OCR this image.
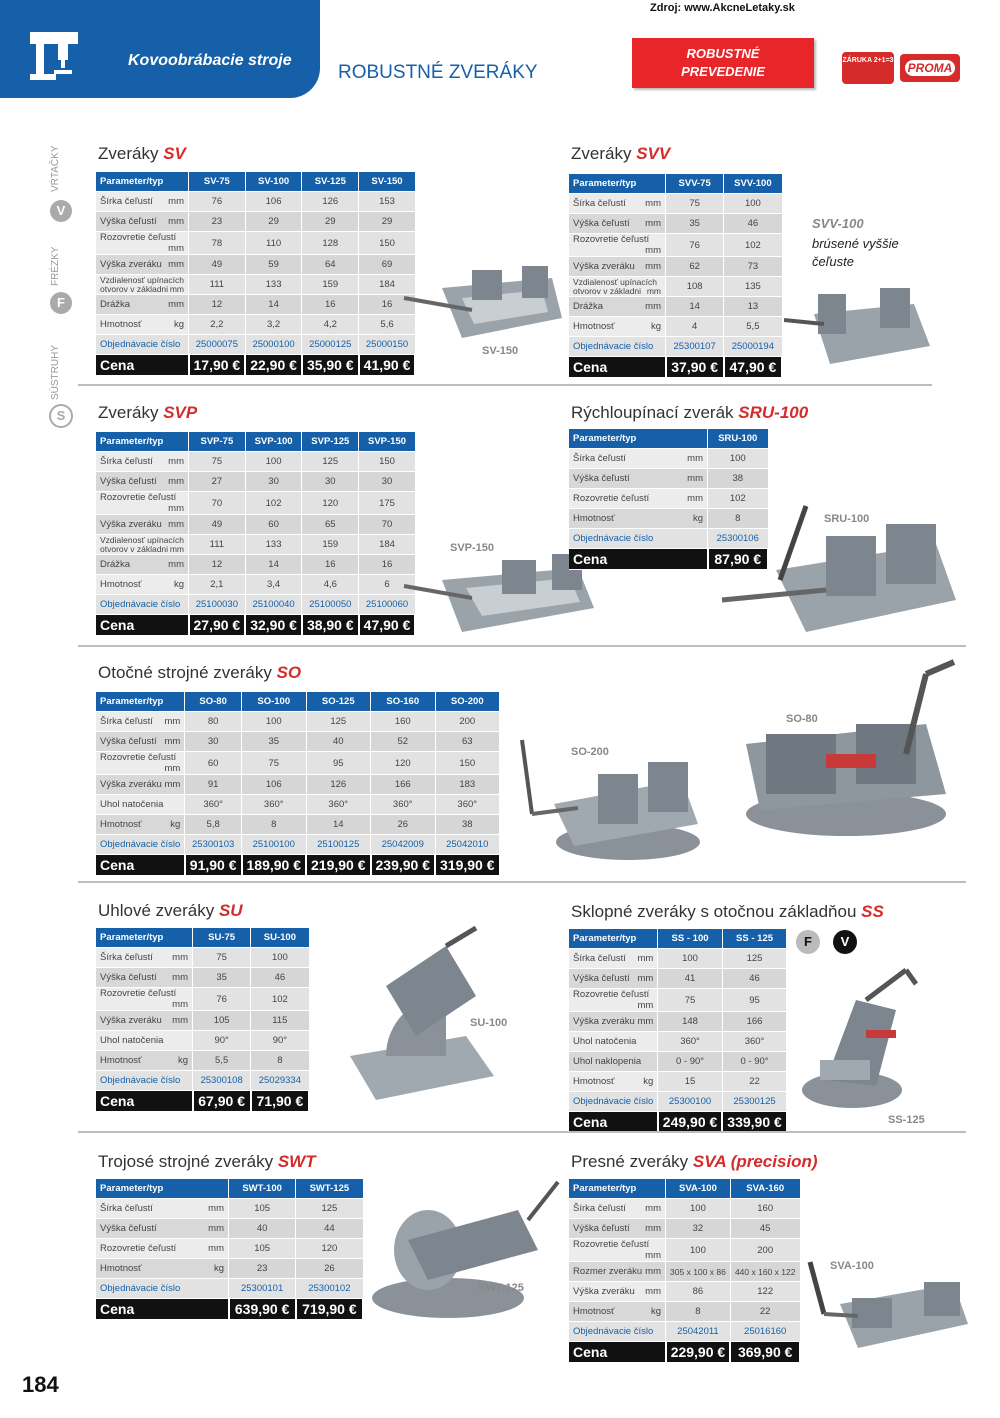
Kovoobrábacie stroje
ROBUSTNÉ ZVERÁKY
Zdroj: www.AkcneLetaky.sk
ROBUSTNÉ PREVEDENIE
ZÁRUKA 2+1=3
PROMA
VŔTAČKY
V
FRÉZKY
F
SÚSTRUHY
S
Zveráky SV
Parameter/typ	SV-75	SV-100	SV-125	SV-150
Šírka čeľustí mm	76	106	126	153
Výška čeľustí mm	23	29	29	29
Rozovretie čeľustí
mm	78	110	128	150
Výška zveráku mm	49	59	64	69
Vzdialenosť upínacích
otvorov v základni mm	111	133	159	184
Drážka mm	12	14	16	16
Hmotnosť kg	2,2	3,2	4,2	5,6
Objednávacie číslo	25000075	25000100	25000125	25000150
Cena	17,90 €	22,90 €	35,90 €	41,90 €
SV-150
Zveráky SVV
Parameter/typ	SVV-75	SVV-100
Šírka čeľustí mm	75	100
Výška čeľustí mm	35	46
Rozovretie čeľustí
mm	76	102
Výška zveráku mm	62	73
Vzdialenosť upínacích
otvorov v základni mm	108	135
Drážka mm	14	13
Hmotnosť kg	4	5,5
Objednávacie číslo	25300107	25000194
Cena	37,90 €	47,90 €
SVV-100
brúsené vyššie
čeľuste
Zveráky SVP
Parameter/typ	SVP-75	SVP-100	SVP-125	SVP-150
Šírka čeľustí mm	75	100	125	150
Výška čeľustí mm	27	30	30	30
Rozovretie čeľustí
mm	70	102	120	175
Výška zveráku mm	49	60	65	70
Vzdialenosť upínacích
otvorov v základni mm	111	133	159	184
Drážka mm	12	14	16	16
Hmotnosť kg	2,1	3,4	4,6	6
Objednávacie číslo	25100030	25100040	25100050	25100060
Cena	27,90 €	32,90 €	38,90 €	47,90 €
SVP-150
Rýchloupínací zverák SRU-100
Parameter/typ	SRU-100
Šírka čeľustí mm	100
Výška čeľustí mm	38
Rozovretie čeľustí mm	102
Hmotnosť kg	8
Objednávacie číslo	25300106
Cena	87,90 €
SRU-100
Otočné strojné zveráky SO
Parameter/typ	SO-80	SO-100	SO-125	SO-160	SO-200
Šírka čeľustí mm	80	100	125	160	200
Výška čeľustí mm	30	35	40	52	63
Rozovretie čeľustí
mm	60	75	95	120	150
Výška zveráku mm	91	106	126	166	183
Uhol natočenia	360°	360°	360°	360°	360°
Hmotnosť kg	5,8	8	14	26	38
Objednávacie číslo	25300103	25100100	25100125	25042009	25042010
Cena	91,90 €	189,90 €	219,90 €	239,90 €	319,90 €
SO-200
SO-80
Uhlové zveráky SU
Parameter/typ	SU-75	SU-100
Šírka čeľustí mm	75	100
Výška čeľustí mm	35	46
Rozovretie čeľustí
mm	76	102
Výška zveráku mm	105	115
Uhol natočenia	90°	90°
Hmotnosť kg	5,5	8
Objednávacie číslo	25300108	25029334
Cena	67,90 €	71,90 €
SU-100
Sklopné zveráky s otočnou základňou SS
F	V
Parameter/typ	SS - 100	SS - 125
Šírka čeľustí mm	100	125
Výška čeľustí mm	41	46
Rozovretie čeľustí
mm	75	95
Výška zveráku mm	148	166
Uhol natočenia	360°	360°
Uhol naklopenia	0 - 90°	0 - 90°
Hmotnosť kg	15	22
Objednávacie číslo	25300100	25300125
Cena	249,90 €	339,90 €	SS-125
Trojosé strojné zveráky SWT
Parameter/typ	SWT-100	SWT-125
Šírka čeľustí mm	105	125
Výška čeľustí mm	40	44
Rozovretie čeľustí mm	105	120
Hmotnosť kg	23	26
Objednávacie číslo	25300101	25300102
Cena	639,90 €	719,90 €
SWT-125
Presné zveráky SVA (precision)
Parameter/typ	SVA-100	SVA-160
Šírka čeľustí mm	100	160
Výška čeľustí mm	32	45
Rozovretie čeľustí
mm	100	200
Rozmer zveráku mm	305 x 100 x 86	440 x 160 x 122
Výška zveráku mm	86	122
Hmotnosť kg	8	22
Objednávacie číslo	25042011	25016160
Cena	229,90 €	369,90 €
SVA-100
184
